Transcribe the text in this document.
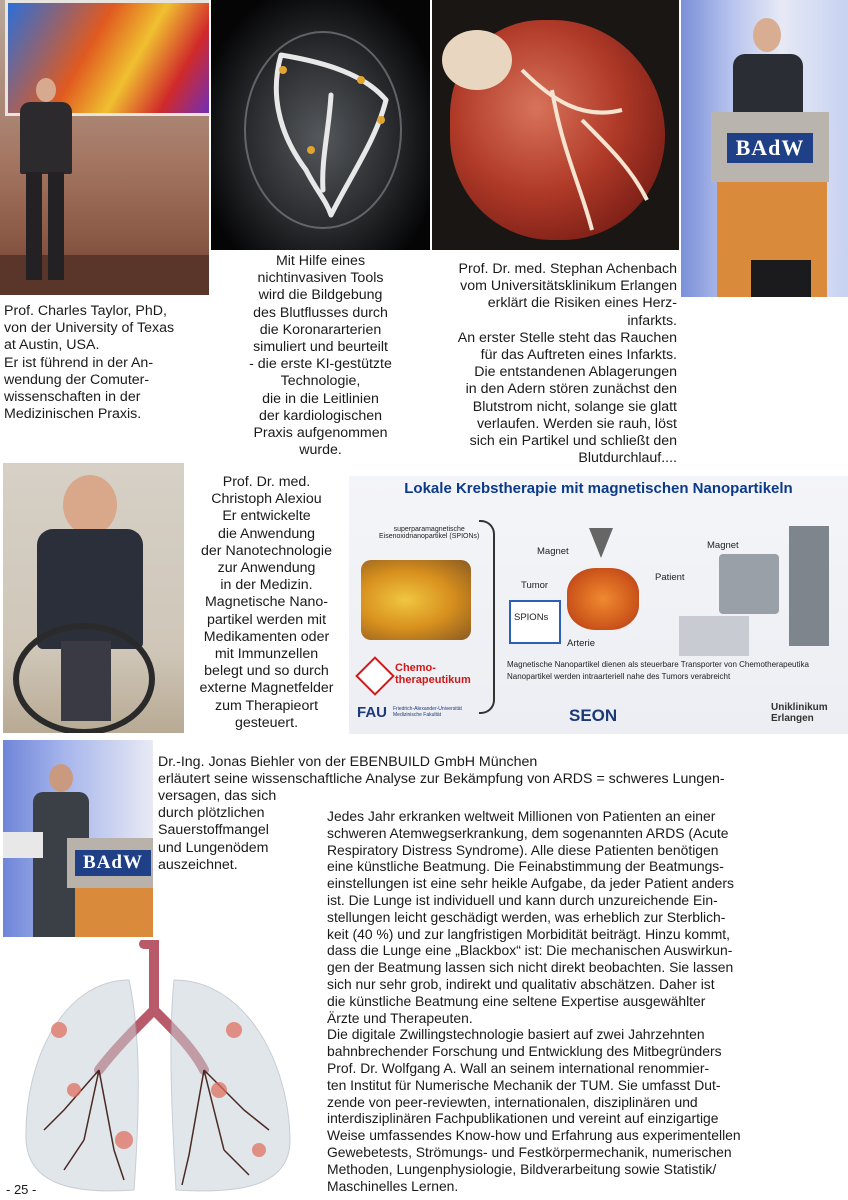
BAdW
Prof. Charles Taylor, PhD,
von der University of Texas
at Austin, USA.
Er ist führend in der An-
wendung der Comuter-
wissenschaften in der
Medizinischen Praxis.
Mit Hilfe eines
nichtinvasiven Tools
wird die Bildgebung
des Blutflusses durch
die Koronararterien
simuliert und beurteilt
- die erste KI-gestützte
Technologie,
die in die Leitlinien
der kardiologischen
Praxis aufgenommen
wurde.
Prof. Dr. med. Stephan Achenbach
vom Universitätsklinikum Erlangen
erklärt die Risiken eines Herz-
infarkts.
An erster Stelle steht das Rauchen
für das Auftreten eines Infarkts.
Die entstandenen Ablagerungen
in den Adern stören zunächst den
Blutstrom nicht, solange sie glatt
verlaufen. Werden sie rauh, löst
sich ein Partikel und schließt den
Blutdurchlauf....
Prof. Dr. med.
Christoph Alexiou
Er entwickelte
die Anwendung
der Nanotechnologie
zur Anwendung
in der Medizin.
Magnetische Nano-
partikel werden mit
Medikamenten oder
mit Immunzellen
belegt und so durch
externe Magnetfelder
zum Therapieort
gesteuert.
Lokale Krebstherapie mit magnetischen Nanopartikeln
superparamagnetische
Eisenoxidnanopartikel (SPIONs)
Magnet
Tumor
SPIONs
Arterie
Magnet
Patient
Chemo-
therapeutikum
Magnetische Nanopartikel dienen als steuerbare Transporter von Chemotherapeutika
Nanopartikel werden intraarteriell nahe des Tumors verabreicht
FAU Friedrich-Alexander-Universität
Medizinische Fakultät	SEON	Uniklinikum
Erlangen
BAdW
Dr.-Ing. Jonas Biehler von der EBENBUILD GmbH München
erläutert seine wissenschaftliche Analyse zur Bekämpfung von ARDS = schweres Lungen-
versagen, das sich
durch plötzlichen
Sauerstoffmangel
und Lungenödem
auszeichnet.
Jedes Jahr erkranken weltweit Millionen von Patienten an einer
schweren Atemwegserkrankung, dem sogenannten ARDS (Acute
Respiratory Distress Syndrome). Alle diese Patienten benötigen
eine künstliche Beatmung. Die Feinabstimmung der Beatmungs-
einstellungen ist eine sehr heikle Aufgabe, da jeder Patient anders
ist. Die Lunge ist individuell und kann durch unzureichende Ein-
stellungen leicht geschädigt werden, was erheblich zur Sterblich-
keit (40 %) und zur langfristigen Morbidität beiträgt. Hinzu kommt,
dass die Lunge eine „Blackbox“ ist: Die mechanischen Auswirkun-
gen der Beatmung lassen sich nicht direkt beobachten. Sie lassen
sich nur sehr grob, indirekt und qualitativ abschätzen. Daher ist
die künstliche Beatmung eine seltene Expertise ausgewählter
Ärzte und Therapeuten.
Die digitale Zwillingstechnologie basiert auf zwei Jahrzehnten
bahnbrechender Forschung und Entwicklung des Mitbegründers
Prof. Dr. Wolfgang A. Wall an seinem international renommier-
ten Institut für Numerische Mechanik der TUM. Sie umfasst Dut-
zende von peer-reviewten, internationalen, disziplinären und
interdisziplinären Fachpublikationen und vereint auf einzigartige
Weise umfassendes Know-how und Erfahrung aus experimentellen
Gewebetests, Strömungs- und Festkörpermechanik, numerischen
Methoden, Lungenphysiologie, Bildverarbeitung sowie Statistik/
Maschinelles Lernen.
- 25 -
